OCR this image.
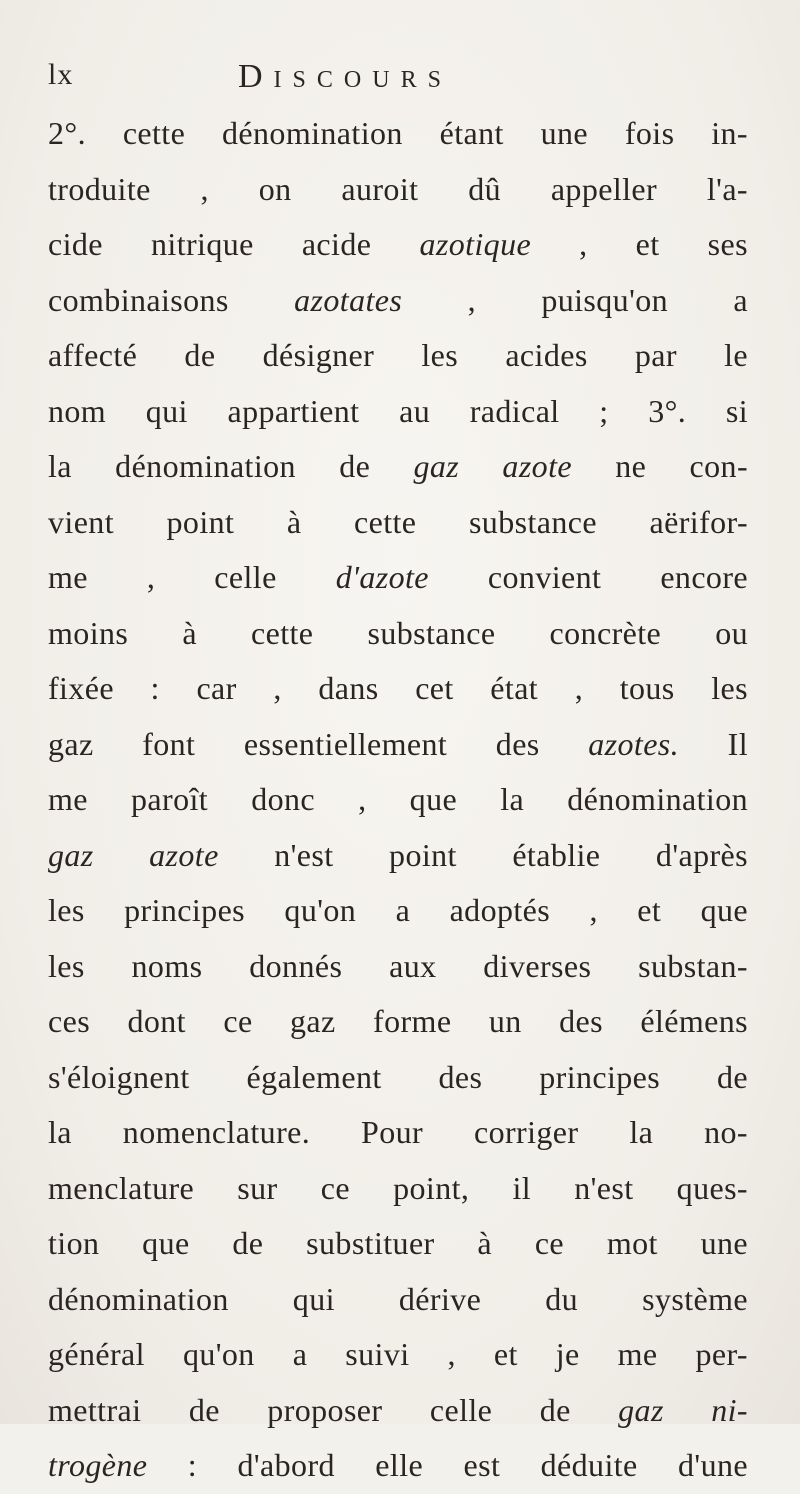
lx	Discours
2°. cette dénomination étant une fois in-
troduite , on auroit dû appeller l'a-
cide nitrique acide azotique , et ses
combinaisons azotates , puisqu'on a
affecté de désigner les acides par le
nom qui appartient au radical ; 3°. si
la dénomination de gaz azote ne con-
vient point à cette substance aërifor-
me , celle d'azote convient encore
moins à cette substance concrète ou
fixée : car , dans cet état , tous les
gaz font essentiellement des azotes. Il
me paroît donc , que la dénomination
gaz azote n'est point établie d'après
les principes qu'on a adoptés , et que
les noms donnés aux diverses substan-
ces dont ce gaz forme un des élémens
s'éloignent également des principes de
la nomenclature. Pour corriger la no-
menclature sur ce point, il n'est ques-
tion que de substituer à ce mot une
dénomination qui dérive du système
général qu'on a suivi , et je me per-
mettrai de proposer celle de gaz ni-
trogène : d'abord elle est déduite d'une
